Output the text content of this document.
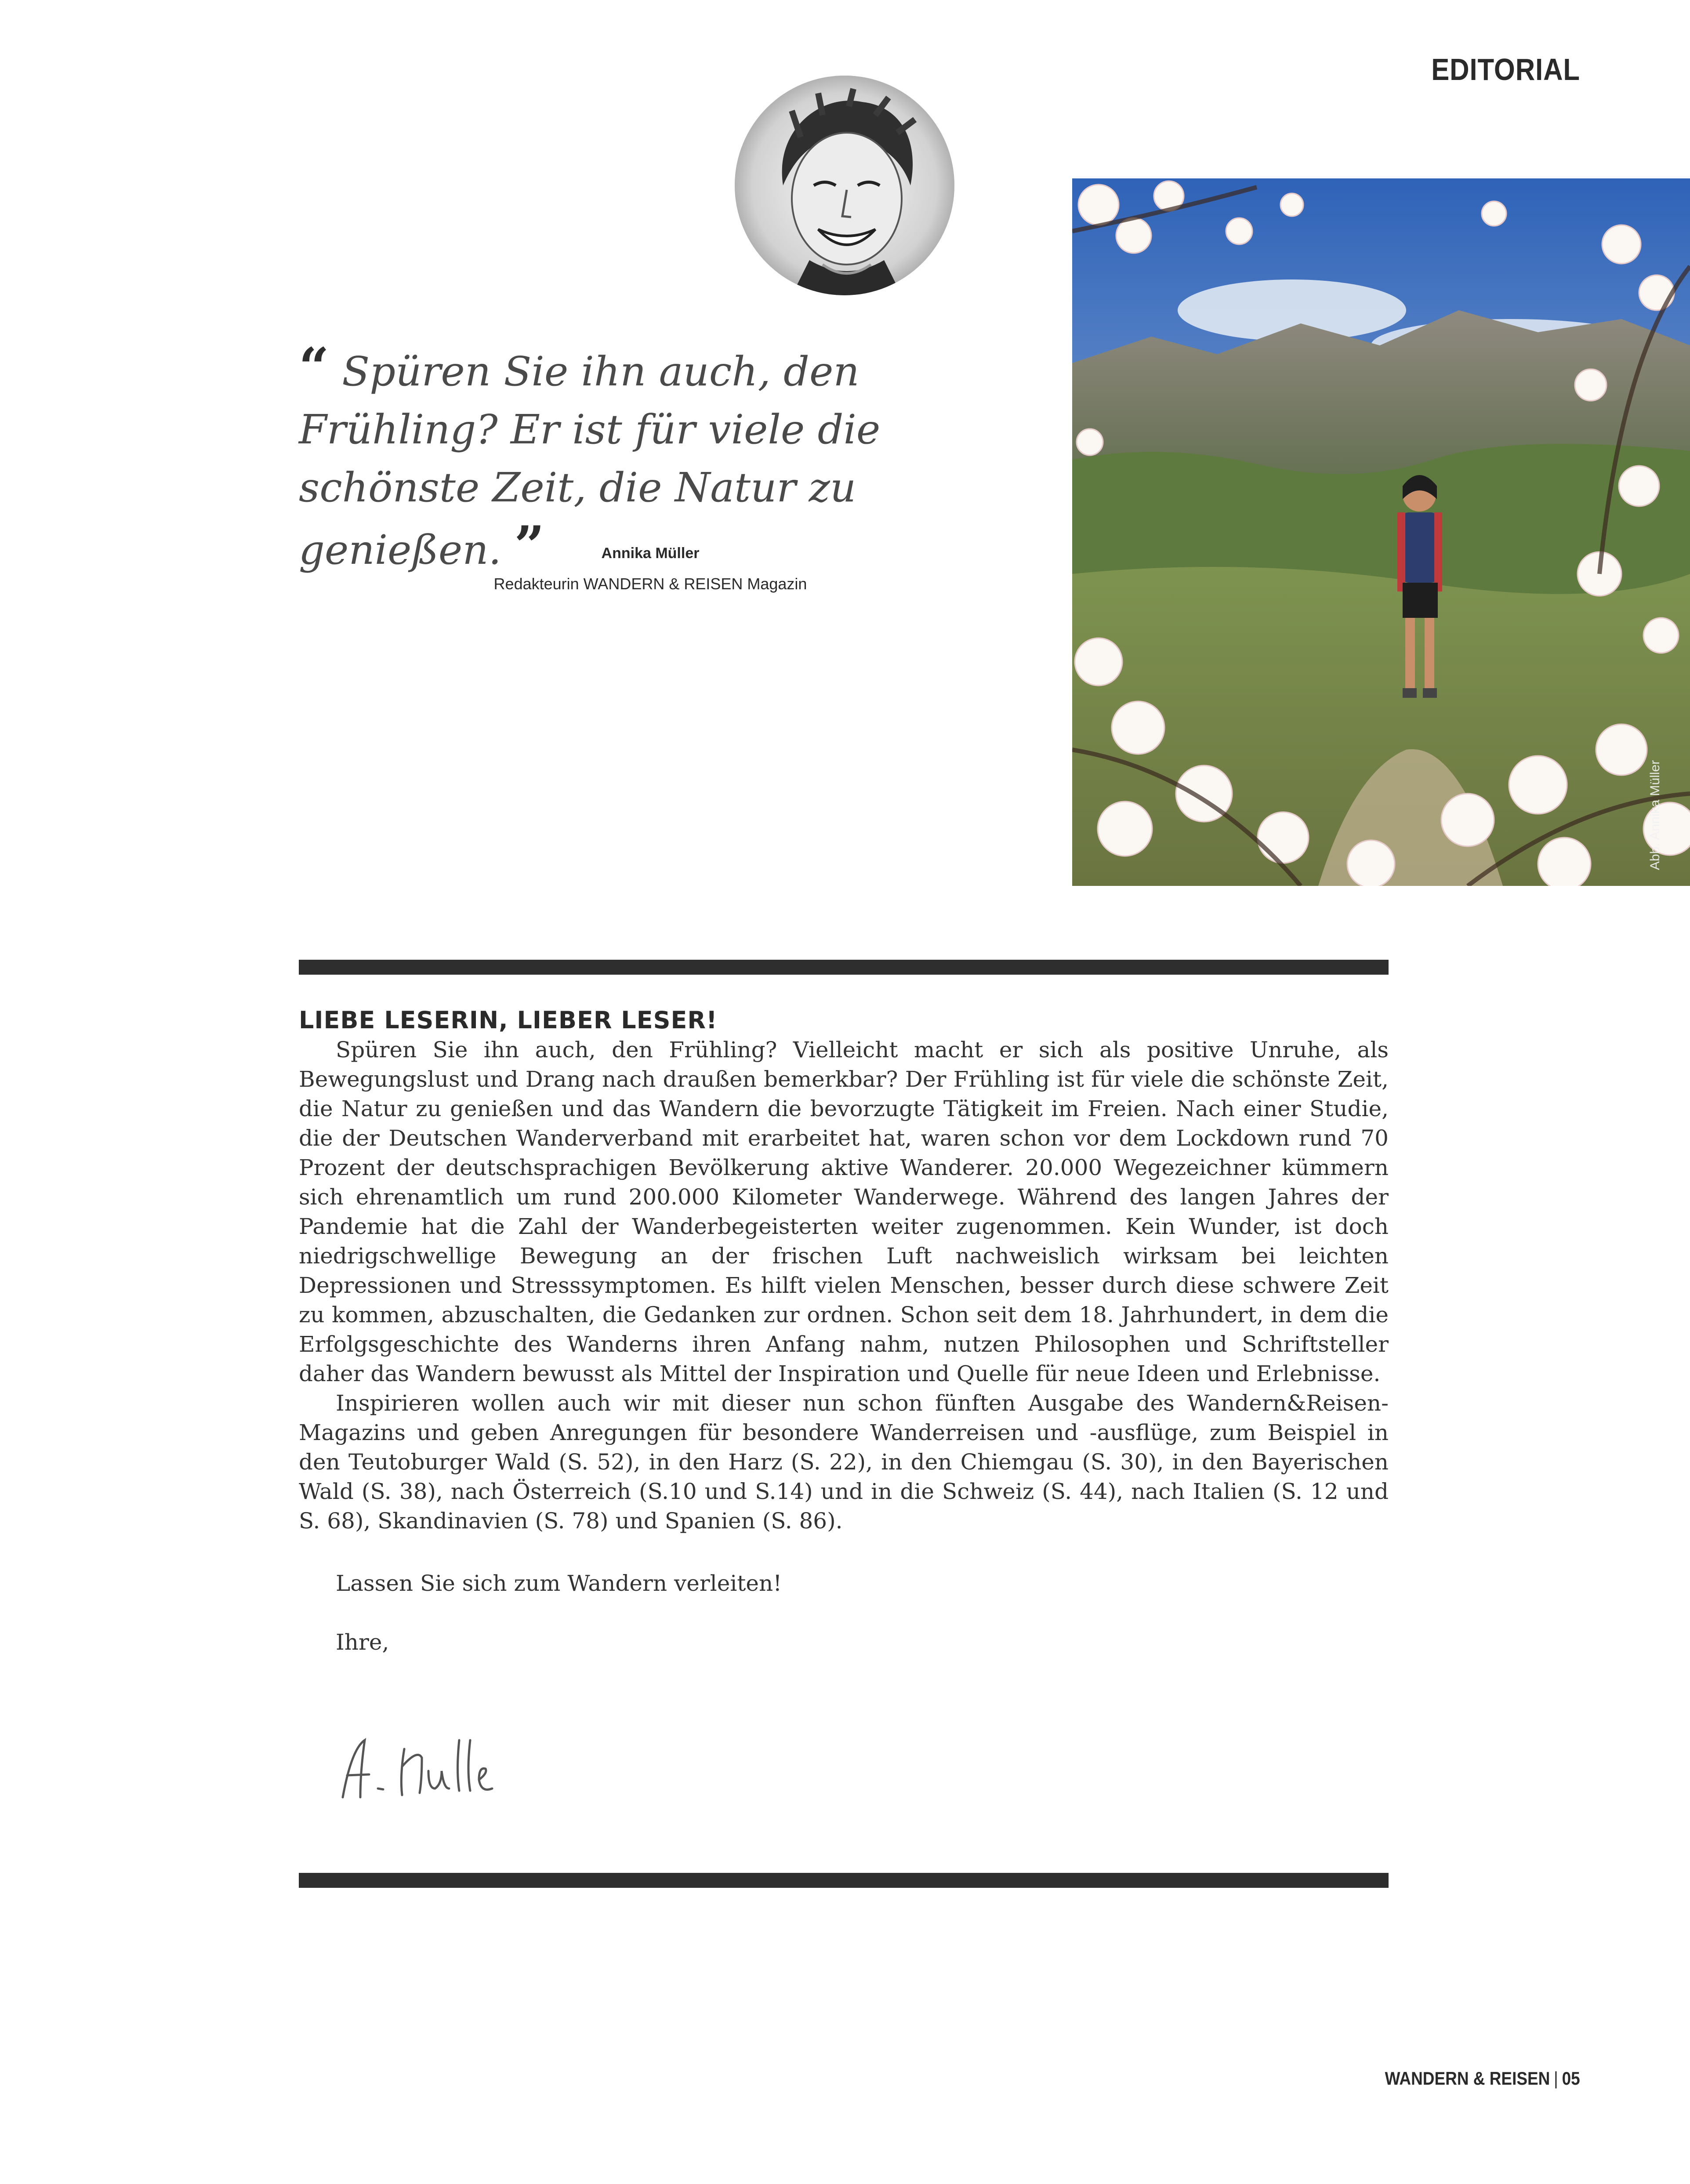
EDITORIAL
“ Spüren Sie ihn auch, den Frühling? Er ist für viele die schönste Zeit, die Natur zu genießen. ”	Annika Müller
Redakteurin WANDERN & REISEN Magazin
Abb. Annika Müller
LIEBE LESERIN, LIEBER LESER!

Spüren Sie ihn auch, den Frühling? Vielleicht macht er sich als positive Unruhe, als Bewegungslust und Drang nach draußen bemerkbar? Der Frühling ist für viele die schönste Zeit, die Natur zu genießen und das Wandern die bevorzugte Tätigkeit im Freien. Nach einer Studie, die der Deutschen Wanderverband mit erarbeitet hat, waren schon vor dem Lockdown rund 70 Prozent der deutschsprachigen Bevölkerung aktive Wanderer. 20.000 Wegezeichner kümmern sich ehrenamtlich um rund 200.000 Kilometer Wanderwege. Während des langen Jahres der Pandemie hat die Zahl der Wanderbegeisterten weiter zugenommen. Kein Wunder, ist doch niedrigschwellige Bewegung an der frischen Luft nachweislich wirksam bei leichten Depressionen und Stresssymptomen. Es hilft vielen Menschen, besser durch diese schwere Zeit zu kommen, abzuschalten, die Gedanken zur ordnen. Schon seit dem 18. Jahrhundert, in dem die Erfolgsgeschichte des Wanderns ihren Anfang nahm, nutzen Philosophen und Schriftsteller daher das Wandern bewusst als Mittel der Inspiration und Quelle für neue Ideen und Erlebnisse.

Inspirieren wollen auch wir mit dieser nun schon fünften Ausgabe des Wandern&Reisen-Magazins und geben Anregungen für besondere Wanderreisen und -ausflüge, zum Beispiel in den Teutoburger Wald (S. 52), in den Harz (S. 22), in den Chiemgau (S. 30), in den Bayerischen Wald (S. 38), nach Österreich (S.10 und S.14) und in die Schweiz (S. 44), nach Italien (S. 12 und S. 68), Skandinavien (S. 78) und Spanien (S. 86).

Lassen Sie sich zum Wandern verleiten!
Ihre,
WANDERN & REISEN | 05
